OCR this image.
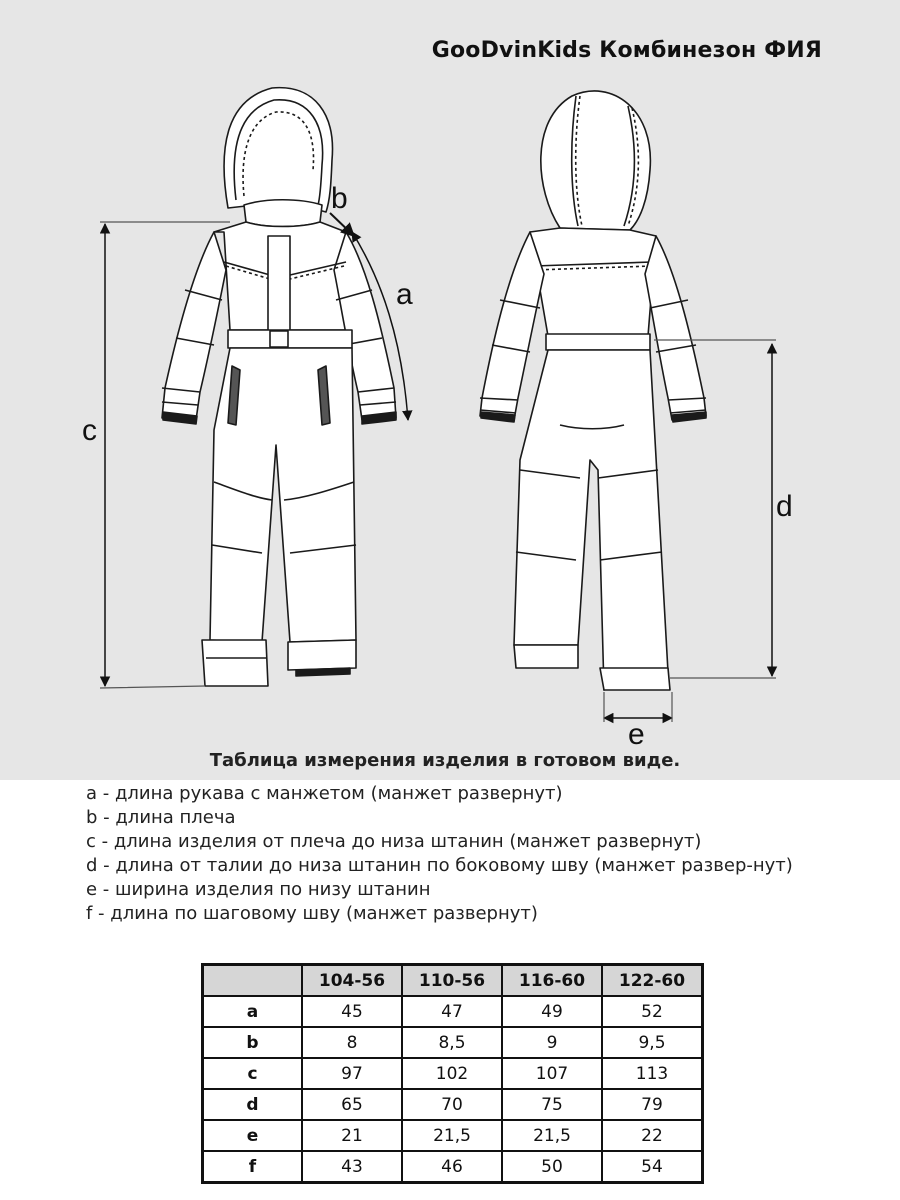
GooDvinKids Комбинезон ФИЯ
a
b
c
d
e
Таблица измерения изделия в готовом виде.
a - длина рукава с манжетом (манжет развернут)
b - длина плеча
c - длина изделия от плеча до низа штанин (манжет развернут)
d - длина от талии до низа штанин по боковому шву (манжет развер-нут)
e - ширина изделия по низу штанин
f - длина по шаговому шву (манжет развернут)
	104-56	110-56	116-60	122-60
a	45	47	49	52
b	8	8,5	9	9,5
c	97	102	107	113
d	65	70	75	79
e	21	21,5	21,5	22
f	43	46	50	54
